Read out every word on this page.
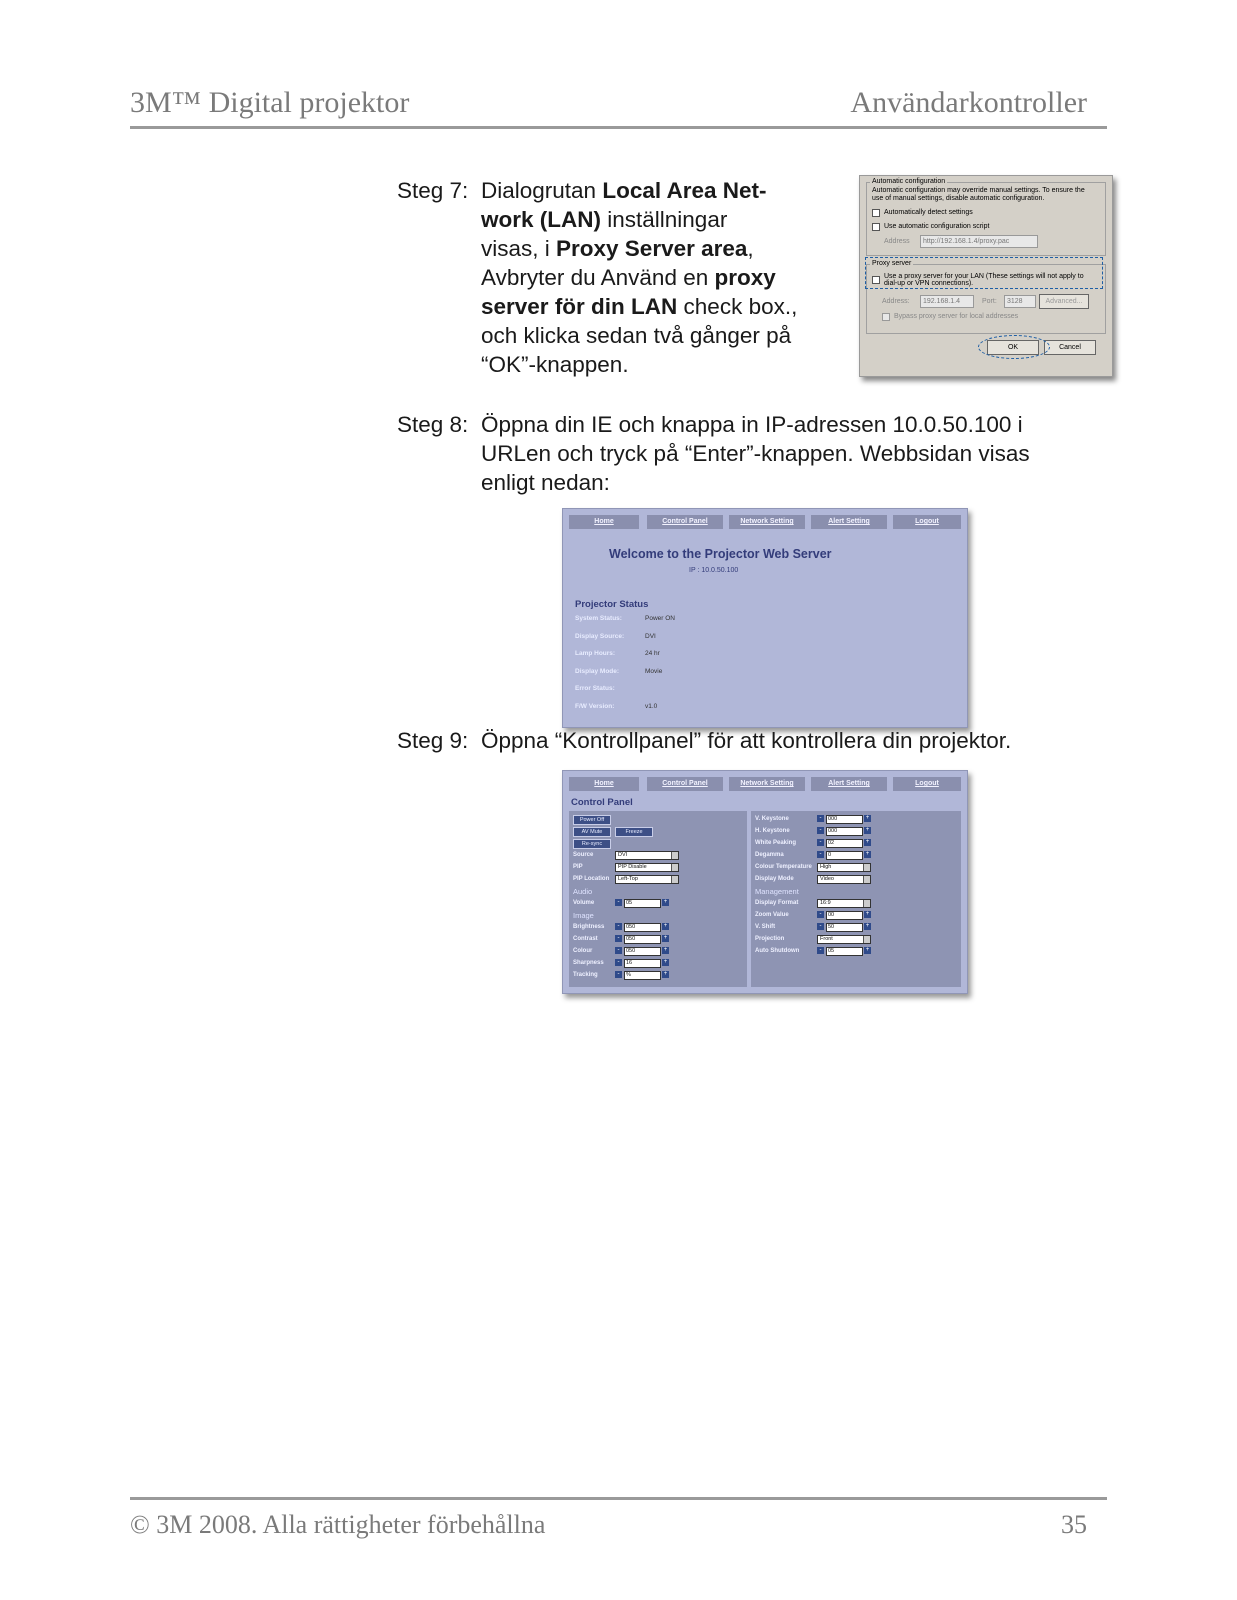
3M™ Digital projektor	Användarkontroller
Steg 7: Dialogrutan Local Area Net-

work (LAN) inställningar

visas, i Proxy Server area,

Avbryter du Använd en proxy

server för din LAN check box.,

och klicka sedan två gånger på

“OK”-knappen.

Automatic configuration
Automatic configuration may override manual settings. To ensure the
use of manual settings, disable automatic configuration.
Automatically detect settings
Use automatic configuration script
Address	http://192.168.1.4/proxy.pac
Proxy server
Use a proxy server for your LAN (These settings will not apply to
dial-up or VPN connections).
Address:	192.168.1.4	Port:	3128	Advanced...
Bypass proxy server for local addresses
OK	Cancel
Steg 8: Öppna din IE och knappa in IP-adressen 10.0.50.100 i

URLen och tryck på “Enter”-knappen. Webbsidan visas

enligt nedan:

Home	Control Panel	Network Setting	Alert Setting	Logout
Welcome to the Projector Web Server
IP : 10.0.50.100
Projector Status
System Status:	Power ON
Display Source:	DVI
Lamp Hours:	24 hr
Display Mode:	Movie
Error Status:
F/W Version:	v1.0
Steg 9: Öppna “Kontrollpanel” för att kontrollera din projektor.

Home	Control Panel	Network Setting	Alert Setting	Logout
Control Panel
Power Off
AV Mute	Freeze
Re-sync
Source	DVI
PIP	PIP Disable
PIP Location	Left-Top
Audio
Volume	-	05	+
Image
Brightness	-	050	+
Contrast	-	050	+
Colour	-	050	+
Sharpness	-	16	+
Tracking	-	%	+
V. Keystone	-	000	+
H. Keystone	-	000	+
White Peaking	-	02	+
Degamma	-	0	+
Colour Temperature	High
Display Mode	Video
Management
Display Format	16:9
Zoom Value	-	00	+
V. Shift	-	50	+
Projection	Front
Auto Shutdown	-	05	+
© 3M 2008. Alla rättigheter förbehållna	35
